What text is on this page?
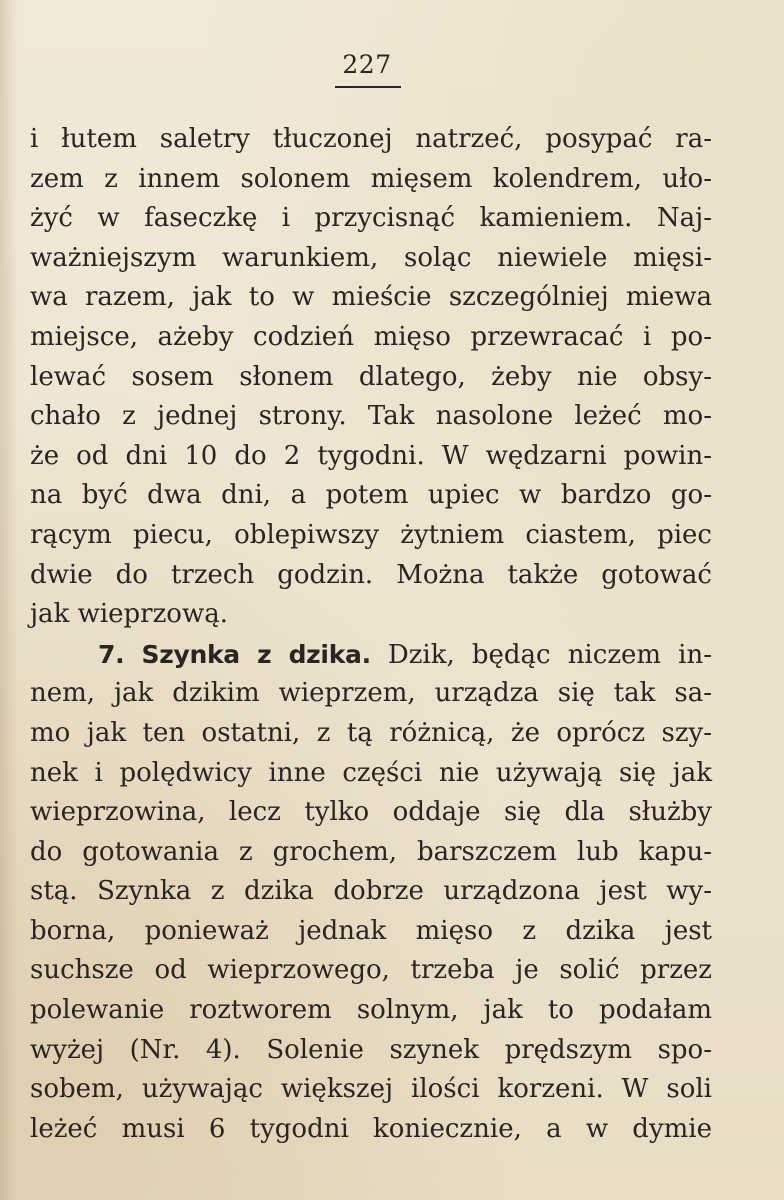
227
i łutem saletry tłuczonej natrzeć, posypać ra-
zem z innem solonem mięsem kolendrem, uło-
żyć w faseczkę i przycisnąć kamieniem. Naj-
ważniejszym warunkiem, soląc niewiele mięsi-
wa razem, jak to w mieście szczególniej miewa
miejsce, ażeby codzień mięso przewracać i po-
lewać sosem słonem dlatego, żeby nie obsy-
chało z jednej strony. Tak nasolone leżeć mo-
że od dni 10 do 2 tygodni. W wędzarni powin-
na być dwa dni, a potem upiec w bardzo go-
rącym piecu, oblepiwszy żytniem ciastem, piec
dwie do trzech godzin. Można także gotować
jak wieprzową.
7. Szynka z dzika. Dzik, będąc niczem in-
nem, jak dzikim wieprzem, urządza się tak sa-
mo jak ten ostatni, z tą różnicą, że oprócz szy-
nek i polędwicy inne części nie używają się jak
wieprzowina, lecz tylko oddaje się dla służby
do gotowania z grochem, barszczem lub kapu-
stą. Szynka z dzika dobrze urządzona jest wy-
borna, ponieważ jednak mięso z dzika jest
suchsze od wieprzowego, trzeba je solić przez
polewanie roztworem solnym, jak to podałam
wyżej (Nr. 4). Solenie szynek prędszym spo-
sobem, używając większej ilości korzeni. W soli
leżeć musi 6 tygodni koniecznie, a w dymie
